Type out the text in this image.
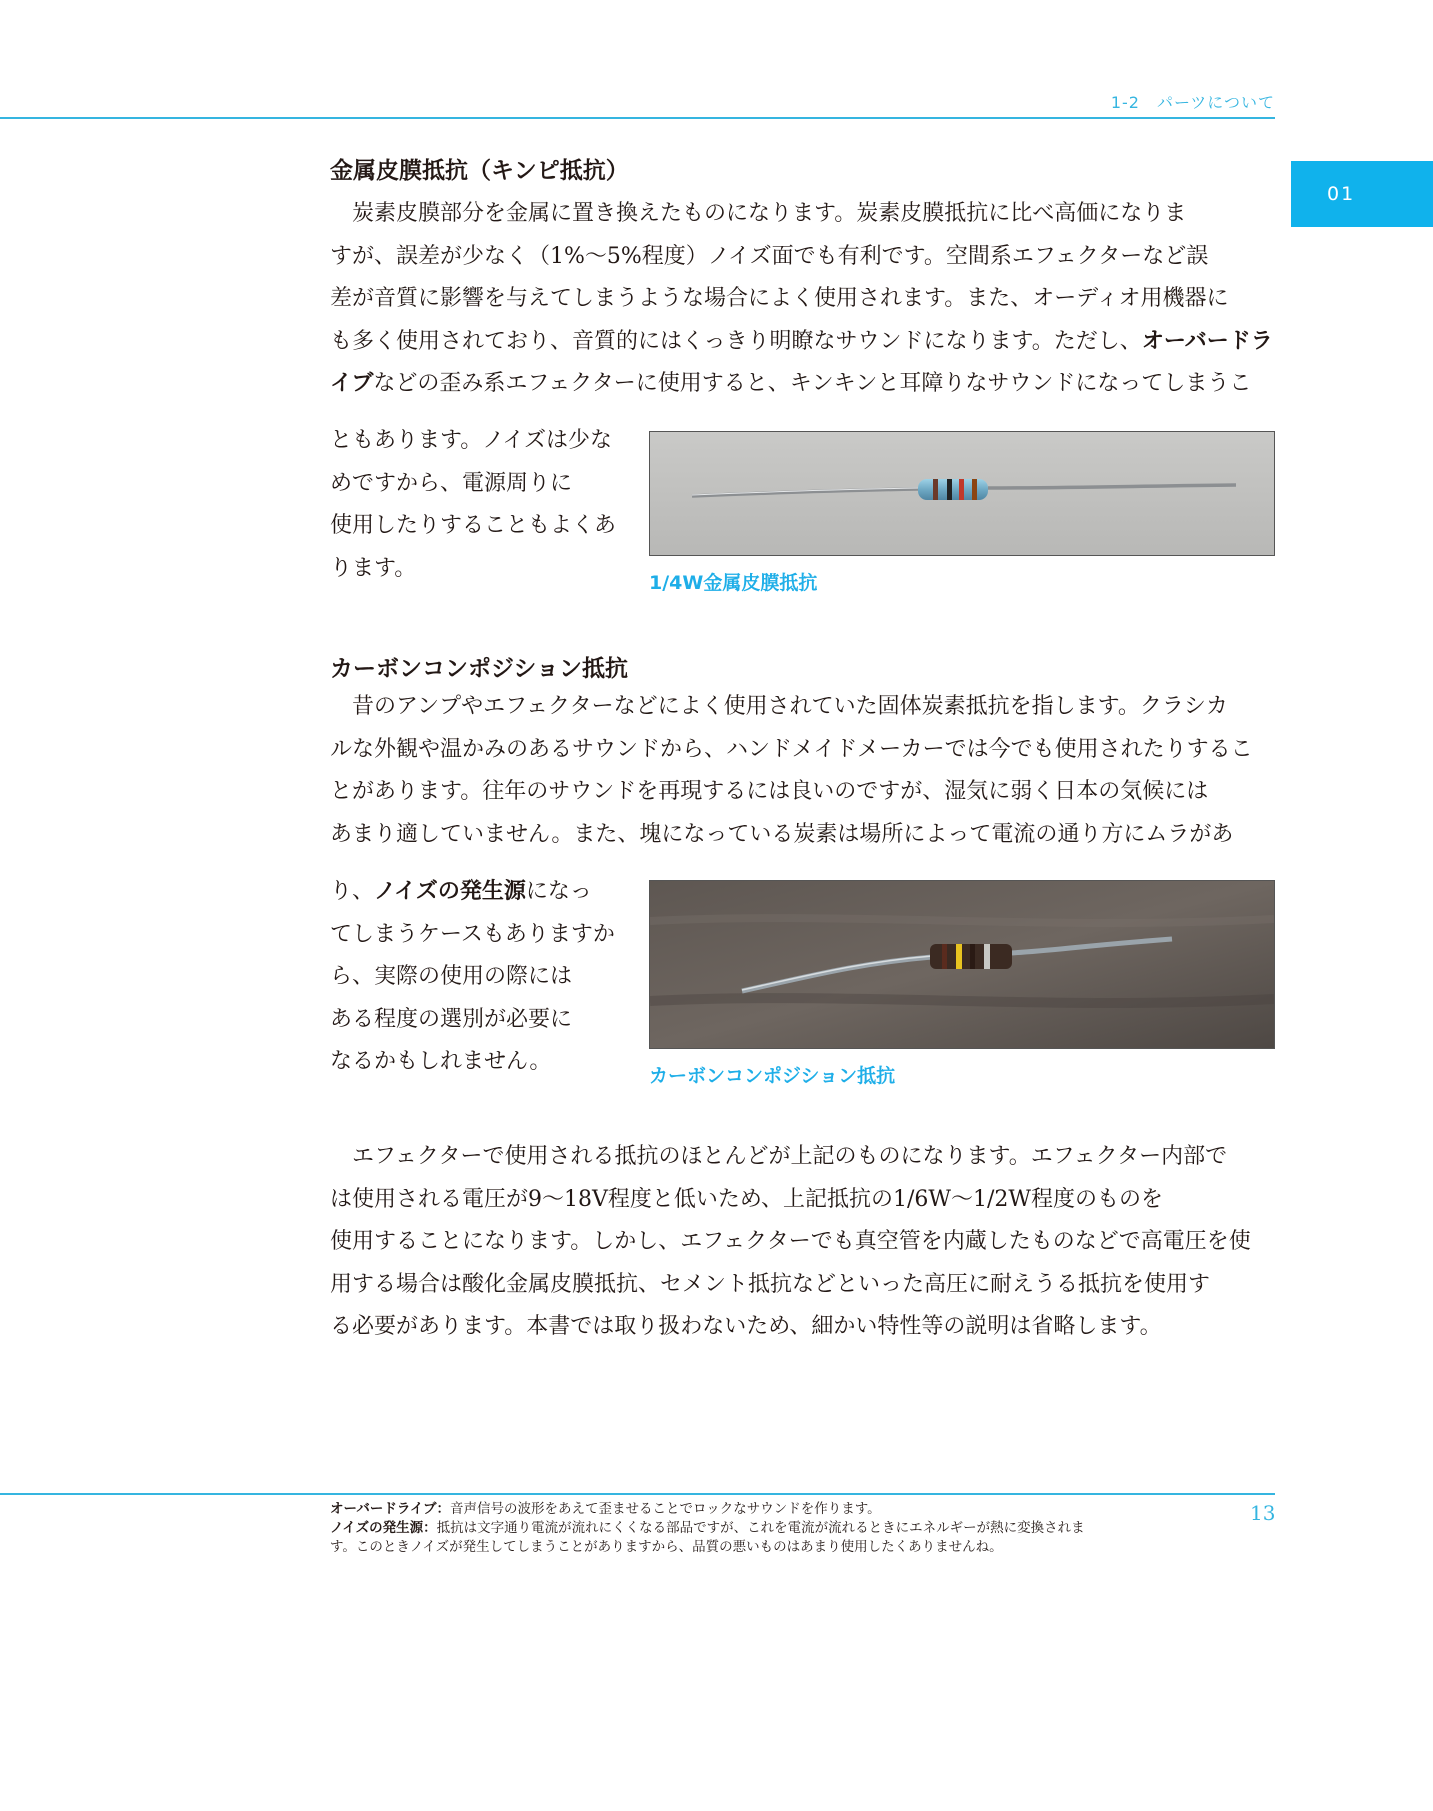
1-2　パーツについて
01
金属皮膜抵抗（キンピ抵抗）

　炭素皮膜部分を金属に置き換えたものになります。炭素皮膜抵抗に比べ高価になりま

すが、誤差が少なく（1%〜5%程度）ノイズ面でも有利です。空間系エフェクターなど誤

差が音質に影響を与えてしまうような場合によく使用されます。また、オーディオ用機器に

も多く使用されており、音質的にはくっきり明瞭なサウンドになります。ただし、オーバードラ

イブなどの歪み系エフェクターに使用すると、キンキンと耳障りなサウンドになってしまうこ

ともあります。ノイズは少な

めですから、電源周りに

使用したりすることもよくあ

ります。

1/4W金属皮膜抵抗
カーボンコンポジション抵抗

　昔のアンプやエフェクターなどによく使用されていた固体炭素抵抗を指します。クラシカ

ルな外観や温かみのあるサウンドから、ハンドメイドメーカーでは今でも使用されたりするこ

とがあります。往年のサウンドを再現するには良いのですが、湿気に弱く日本の気候には

あまり適していません。また、塊になっている炭素は場所によって電流の通り方にムラがあ

り、ノイズの発生源になっ

てしまうケースもありますか

ら、実際の使用の際には

ある程度の選別が必要に

なるかもしれません。

カーボンコンポジション抵抗

　エフェクターで使用される抵抗のほとんどが上記のものになります。エフェクター内部で

は使用される電圧が9〜18V程度と低いため、上記抵抗の1/6W〜1/2W程度のものを

使用することになります。しかし、エフェクターでも真空管を内蔵したものなどで高電圧を使

用する場合は酸化金属皮膜抵抗、セメント抵抗などといった高圧に耐えうる抵抗を使用す

る必要があります。本書では取り扱わないため、細かい特性等の説明は省略します。

13
オーバードライブ：音声信号の波形をあえて歪ませることでロックなサウンドを作ります。
ノイズの発生源：抵抗は文字通り電流が流れにくくなる部品ですが、これを電流が流れるときにエネルギーが熱に変換されま
す。このときノイズが発生してしまうことがありますから、品質の悪いものはあまり使用したくありませんね。
